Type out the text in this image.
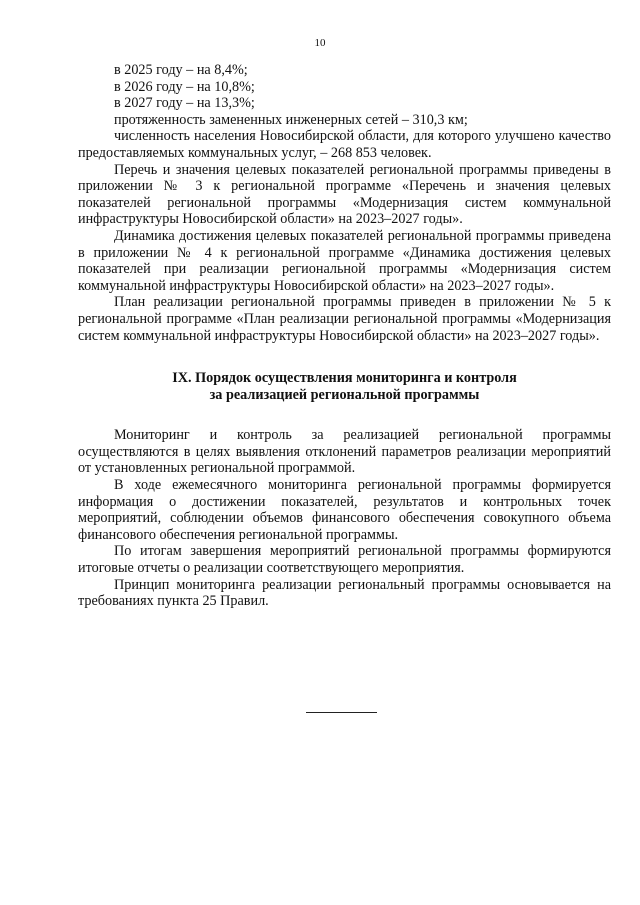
10

в 2025 году – на 8,4%;

в 2026 году – на 10,8%;

в 2027 году – на 13,3%;

протяженность замененных инженерных сетей – 310,3 км;

численность населения Новосибирской области, для которого улучшено качество предоставляемых коммунальных услуг, – 268 853 человек.

Перечь и значения целевых показателей региональной программы приведены в приложении № 3 к региональной программе «Перечень и значения целевых показателей региональной программы «Модернизация систем коммунальной инфраструктуры Новосибирской области» на 2023–2027 годы».

Динамика достижения целевых показателей региональной программы приведена в приложении № 4 к региональной программе «Динамика достижения целевых показателей при реализации региональной программы «Модернизация систем коммунальной инфраструктуры Новосибирской области» на 2023–2027 годы».

План реализации региональной программы приведен в приложении № 5 к региональной программе «План реализации региональной программы «Модернизация систем коммунальной инфраструктуры Новосибирской области» на 2023–2027 годы».

IX. Порядок осуществления мониторинга и контроля
за реализацией региональной программы

Мониторинг и контроль за реализацией региональной программы осуществляются в целях выявления отклонений параметров реализации мероприятий от установленных региональной программой.

В ходе ежемесячного мониторинга региональной программы формируется информация о достижении показателей, результатов и контрольных точек мероприятий, соблюдении объемов финансового обеспечения совокупного объема финансового обеспечения региональной программы.

По итогам завершения мероприятий региональной программы формируются итоговые отчеты о реализации соответствующего мероприятия.

Принцип мониторинга реализации региональный программы основывается на требованиях пункта 25 Правил.
